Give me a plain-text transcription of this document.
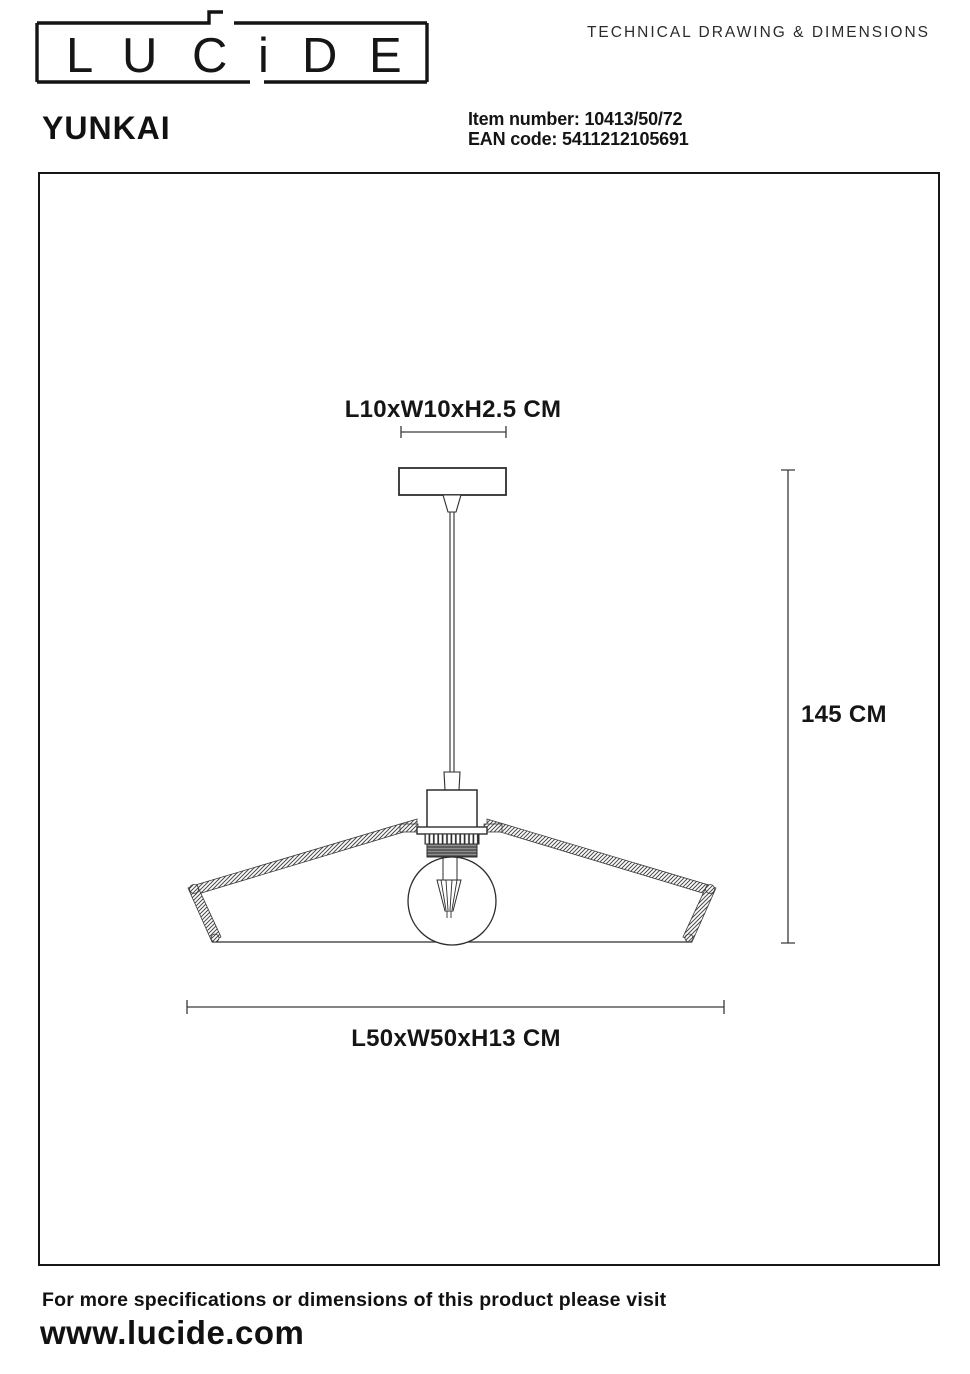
L U C i D E	TECHNICAL DRAWING & DIMENSIONS
YUNKAI	Item number: 10413/50/72
EAN code: 5411212105691
L10xW10xH2.5 CM
145 CM
L50xW50xH13 CM
For more specifications or dimensions of this product please visit
www.lucide.com
